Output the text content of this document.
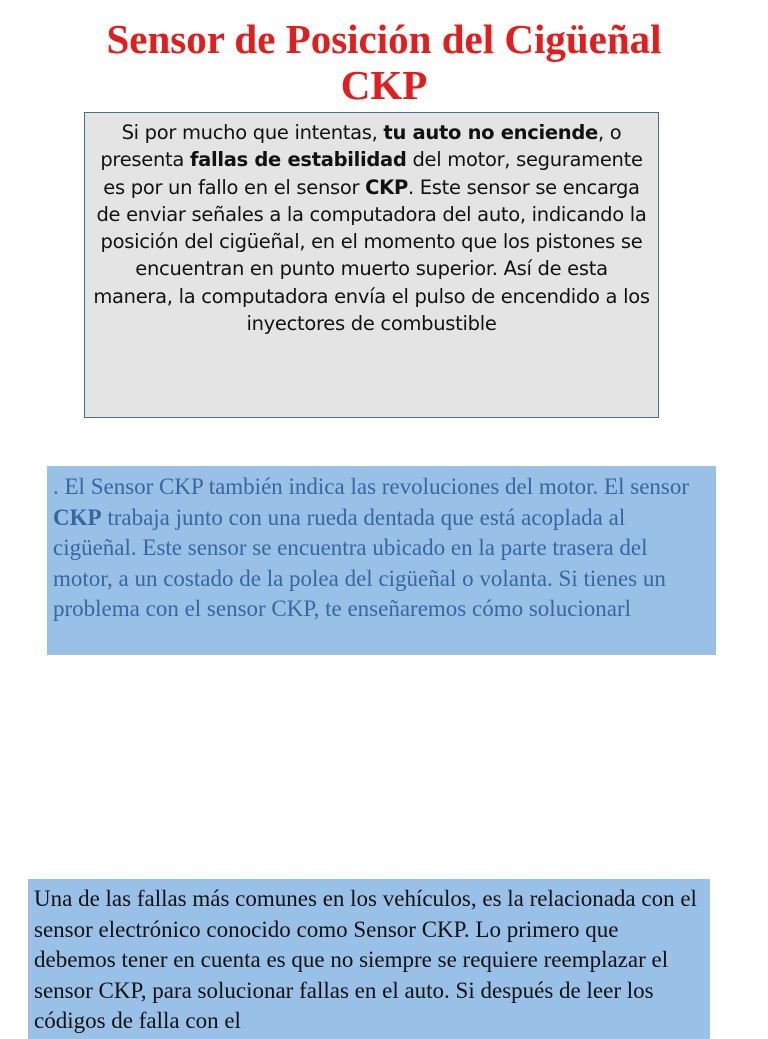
Sensor de Posición del Cigüeñal
CKP
Si por mucho que intentas, tu auto no enciende, o presenta fallas de estabilidad del motor, seguramente es por un fallo en el sensor CKP. Este sensor se encarga de enviar señales a la computadora del auto, indicando la posición del cigüeñal, en el momento que los pistones se encuentran en punto muerto superior. Así de esta manera, la computadora envía el pulso de encendido a los inyectores de combustible
. El Sensor CKP también indica las revoluciones del motor. El sensor CKP trabaja junto con una rueda dentada que está acoplada al cigüeñal. Este sensor se encuentra ubicado en la parte trasera del motor, a un costado de la polea del cigüeñal o volanta. Si tienes un problema con el sensor CKP, te enseñaremos cómo solucionarl
Una de las fallas más comunes en los vehículos, es la relacionada con el sensor electrónico conocido como Sensor CKP. Lo primero que debemos tener en cuenta es que no siempre se requiere reemplazar el sensor CKP, para solucionar fallas en el auto. Si después de leer los códigos de falla con el
